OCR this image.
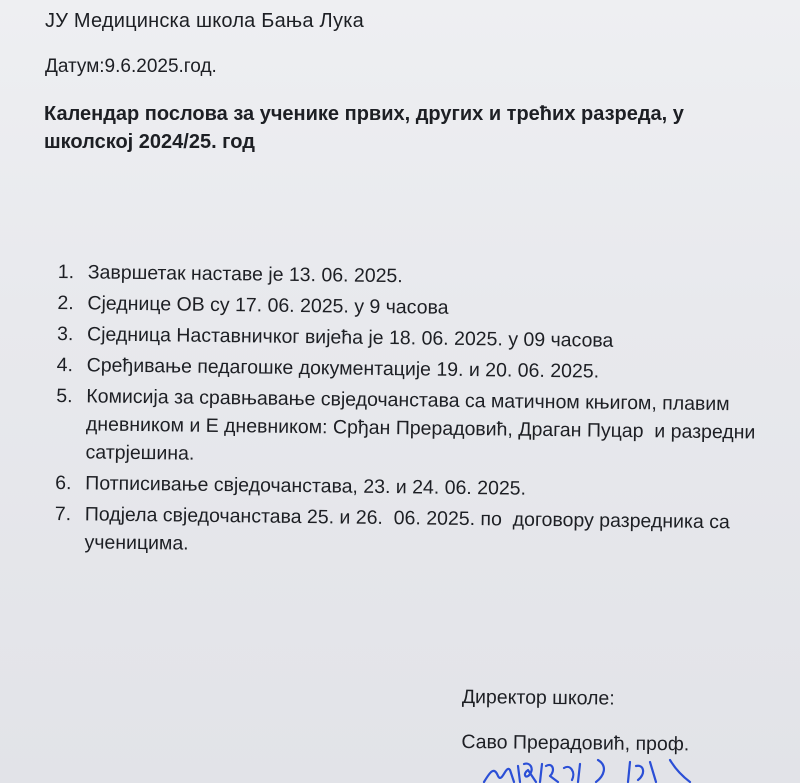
ЈУ Медицинска школа Бања Лука
Датум:9.6.2025.год.
Календар послова за ученике првих, других и трећих разреда, у школској 2024/25. год
1. Завршетак наставе је 13. 06. 2025.
2. Сједнице ОВ су 17. 06. 2025. у 9 часова
3. Сједница Наставничког вијећа је 18. 06. 2025. у 09 часова
4. Сређивање педагошке документације 19. и 20. 06. 2025.
5. Комисија за сравњавање свједочанстава са матичном књигом, плавим дневником и Е дневником: Срђан Прерадовић, Драган Пуцар  и разредни сатрјешина.
6. Потписивање свједочанстава, 23. и 24. 06. 2025.
7. Подјела свједочанстава 25. и 26.  06. 2025. по  договору разредника са ученицима.
Директор школе:
Саво Прерадовић, проф.
